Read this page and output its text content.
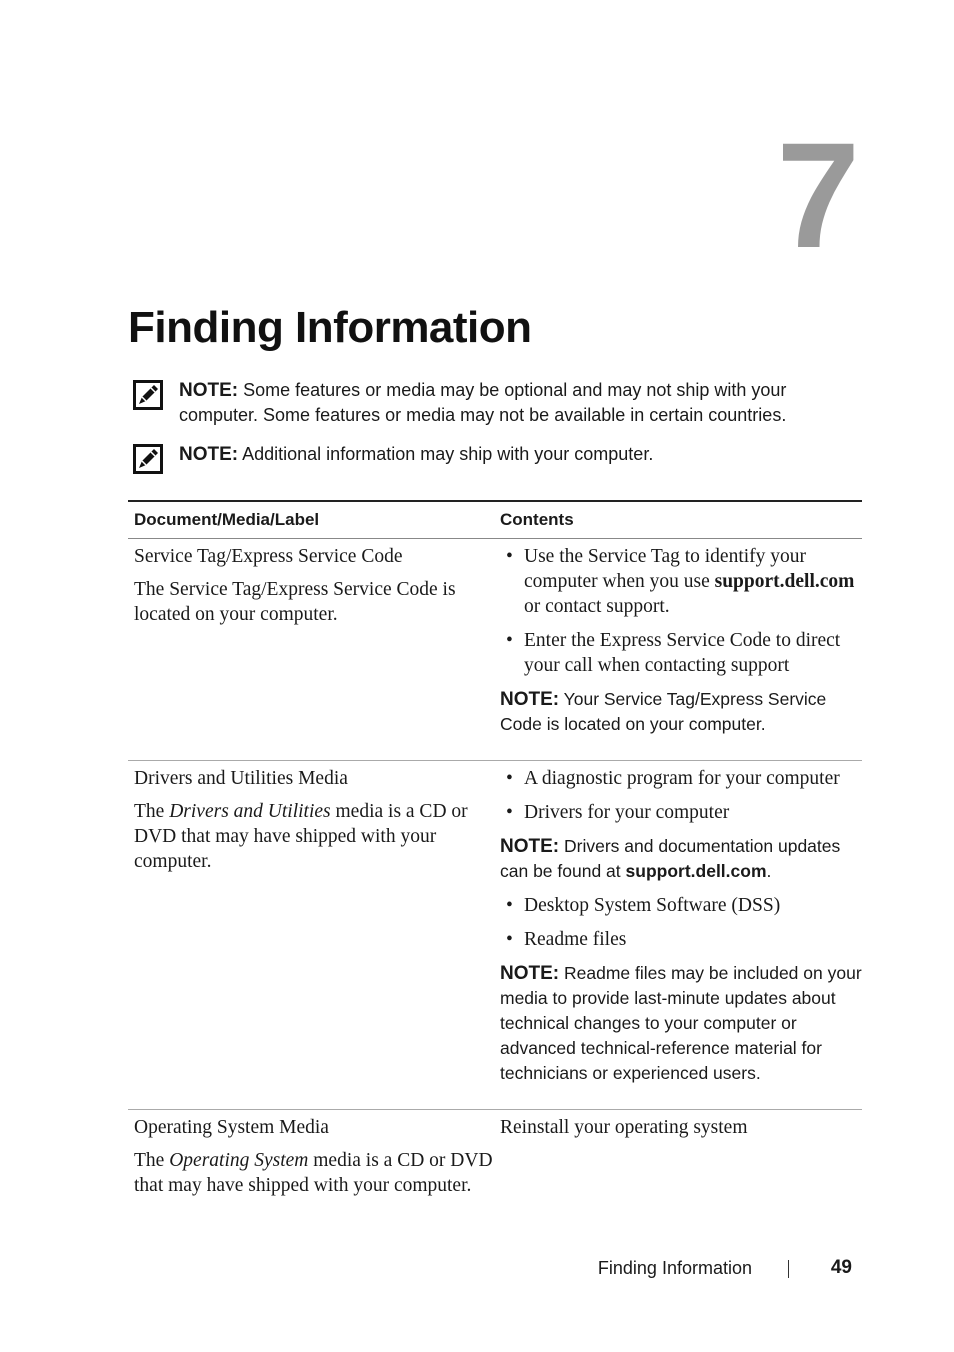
7
Finding Information
NOTE: Some features or media may be optional and may not ship with your computer. Some features or media may not be available in certain countries.
NOTE: Additional information may ship with your computer.
Document/Media/Label	Contents

Service Tag/Express Service Code

The Service Tag/Express Service Code is located on your computer.

• Use the Service Tag to identify your computer when you use support.dell.com or contact support.
• Enter the Express Service Code to direct your call when contacting support

NOTE: Your Service Tag/Express Service Code is located on your computer.

Drivers and Utilities Media

The Drivers and Utilities media is a CD or DVD that may have shipped with your computer.

• A diagnostic program for your computer
• Drivers for your computer

NOTE: Drivers and documentation updates can be found at support.dell.com.

• Desktop System Software (DSS)
• Readme files

NOTE: Readme files may be included on your media to provide last-minute updates about technical changes to your computer or advanced technical-reference material for technicians or experienced users.

Operating System Media

The Operating System media is a CD or DVD that may have shipped with your computer.

Reinstall your operating system

Finding Information	49
